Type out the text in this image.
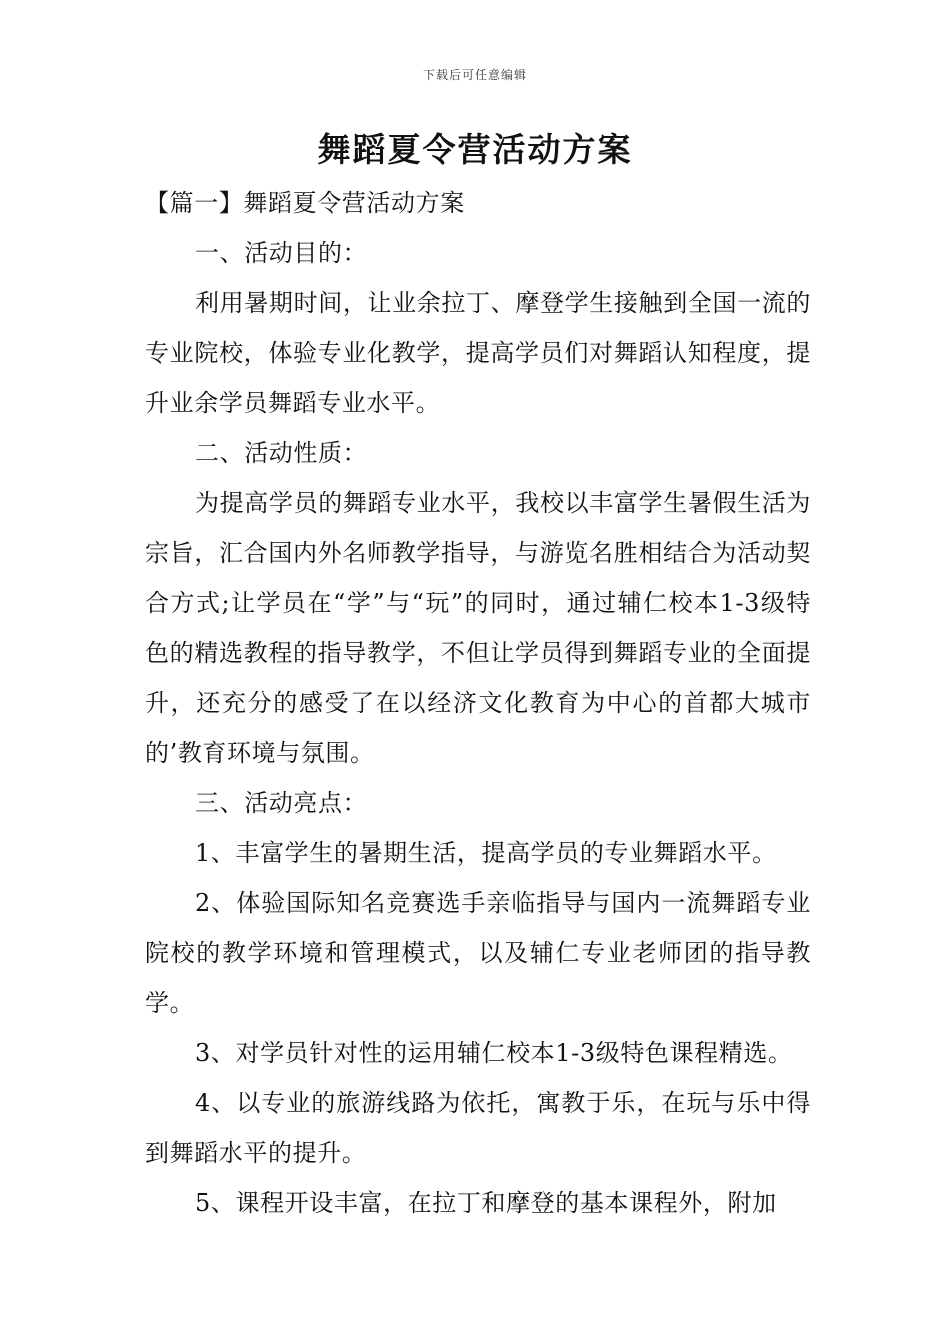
下载后可任意编辑
舞蹈夏令营活动方案

【篇一】舞蹈夏令营活动方案

一、活动目的：

利用暑期时间，让业余拉丁、摩登学生接触到全国一流的专业院校，体验专业化教学，提高学员们对舞蹈认知程度，提升业余学员舞蹈专业水平。

二、活动性质：

为提高学员的舞蹈专业水平，我校以丰富学生暑假生活为宗旨，汇合国内外名师教学指导，与游览名胜相结合为活动契合方式;让学员在“学”与“玩”的同时，通过辅仁校本1-3级特色的精选教程的指导教学，不但让学员得到舞蹈专业的全面提升，还充分的感受了在以经济文化教育为中心的首都大城市的’教育环境与氛围。

三、活动亮点：

1、丰富学生的暑期生活，提高学员的专业舞蹈水平。

2、体验国际知名竞赛选手亲临指导与国内一流舞蹈专业院校的教学环境和管理模式，以及辅仁专业老师团的指导教学。

3、对学员针对性的运用辅仁校本1-3级特色课程精选。

4、以专业的旅游线路为依托，寓教于乐，在玩与乐中得到舞蹈水平的提升。

5、课程开设丰富，在拉丁和摩登的基本课程外，附加
